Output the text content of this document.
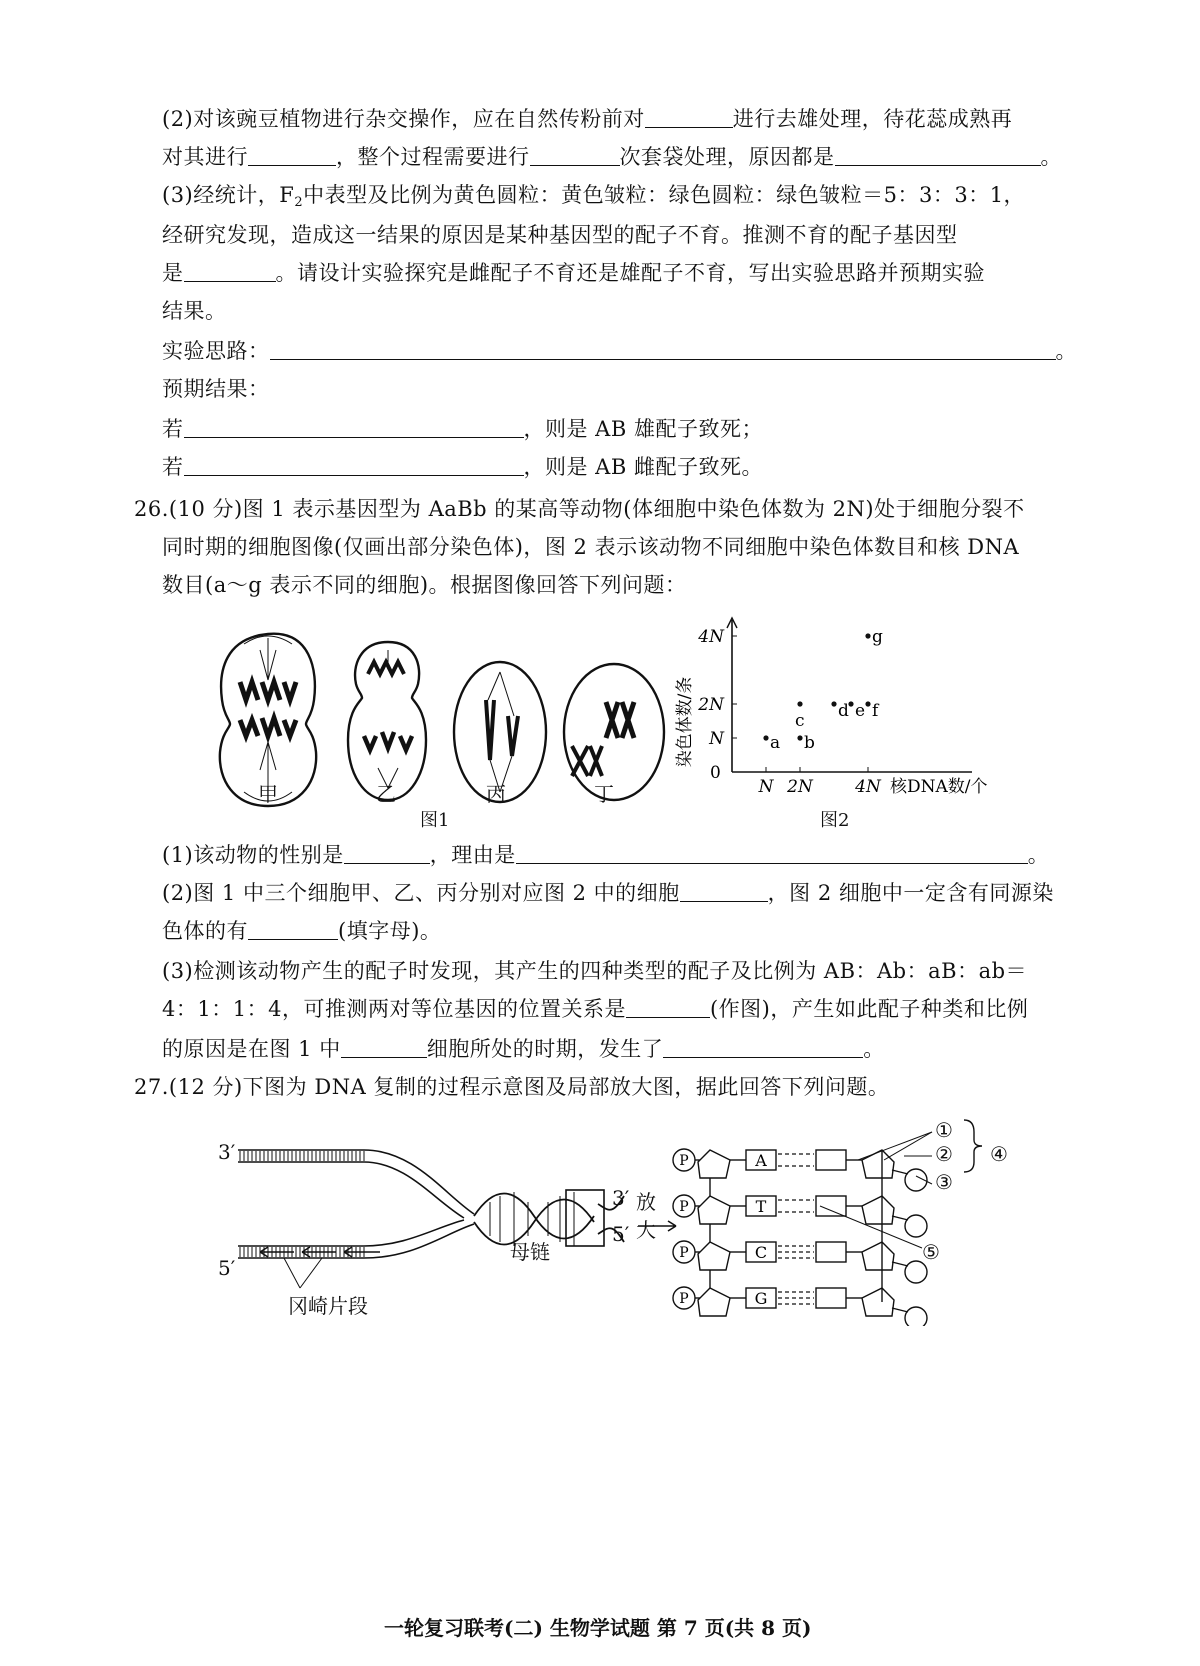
(2)对该豌豆植物进行杂交操作，应在自然传粉前对	进行去雄处理，待花蕊成熟再
对其进行	，整个过程需要进行	次套袋处理，原因都是	。
(3)经统计，$F_2$中表型及比例为黄色圆粒：黄色皱粒：绿色圆粒：绿色皱粒＝5：3：3：1，
经研究发现，造成这一结果的原因是某种基因型的配子不育。推测不育的配子基因型
是	。请设计实验探究是雌配子不育还是雄配子不育，写出实验思路并预期实验
结果。
实验思路：	。
预期结果：
若	，则是 AB 雄配子致死；
若	，则是 AB 雌配子致死。
26.(10 分)图 1 表示基因型为 AaBb 的某高等动物(体细胞中染色体数为 2N)处于细胞分裂不
同时期的细胞图像(仅画出部分染色体)，图 2 表示该动物不同细胞中染色体数目和核 DNA
数目(a～g 表示不同的细胞)。根据图像回答下列问题：
甲	乙	丙	丁
图1
N 2N 4N
0
N
2N
4N
核DNA数/个
染色体数/条	a b
c d e f
g
图2
(1)该动物的性别是	，理由是	。
(2)图 1 中三个细胞甲、乙、丙分别对应图 2 中的细胞	，图 2 细胞中一定含有同源染
色体的有	(填字母)。
(3)检测该动物产生的配子时发现，其产生的四种类型的配子及比例为 AB：Ab：aB：ab＝
4：1：1：4，可推测两对等位基因的位置关系是	(作图)，产生如此配子种类和比例
的原因是在图 1 中	细胞所处的时期，发生了	。
27.(12 分)下图为 DNA 复制的过程示意图及局部放大图，据此回答下列问题。
3′
5′
3′
5′
母链
冈崎片段
放
大
P	A
P	T
P	C
P	G
①
②
③
④
⑤
一轮复习联考(二) 生物学试题 第 7 页(共 8 页)
